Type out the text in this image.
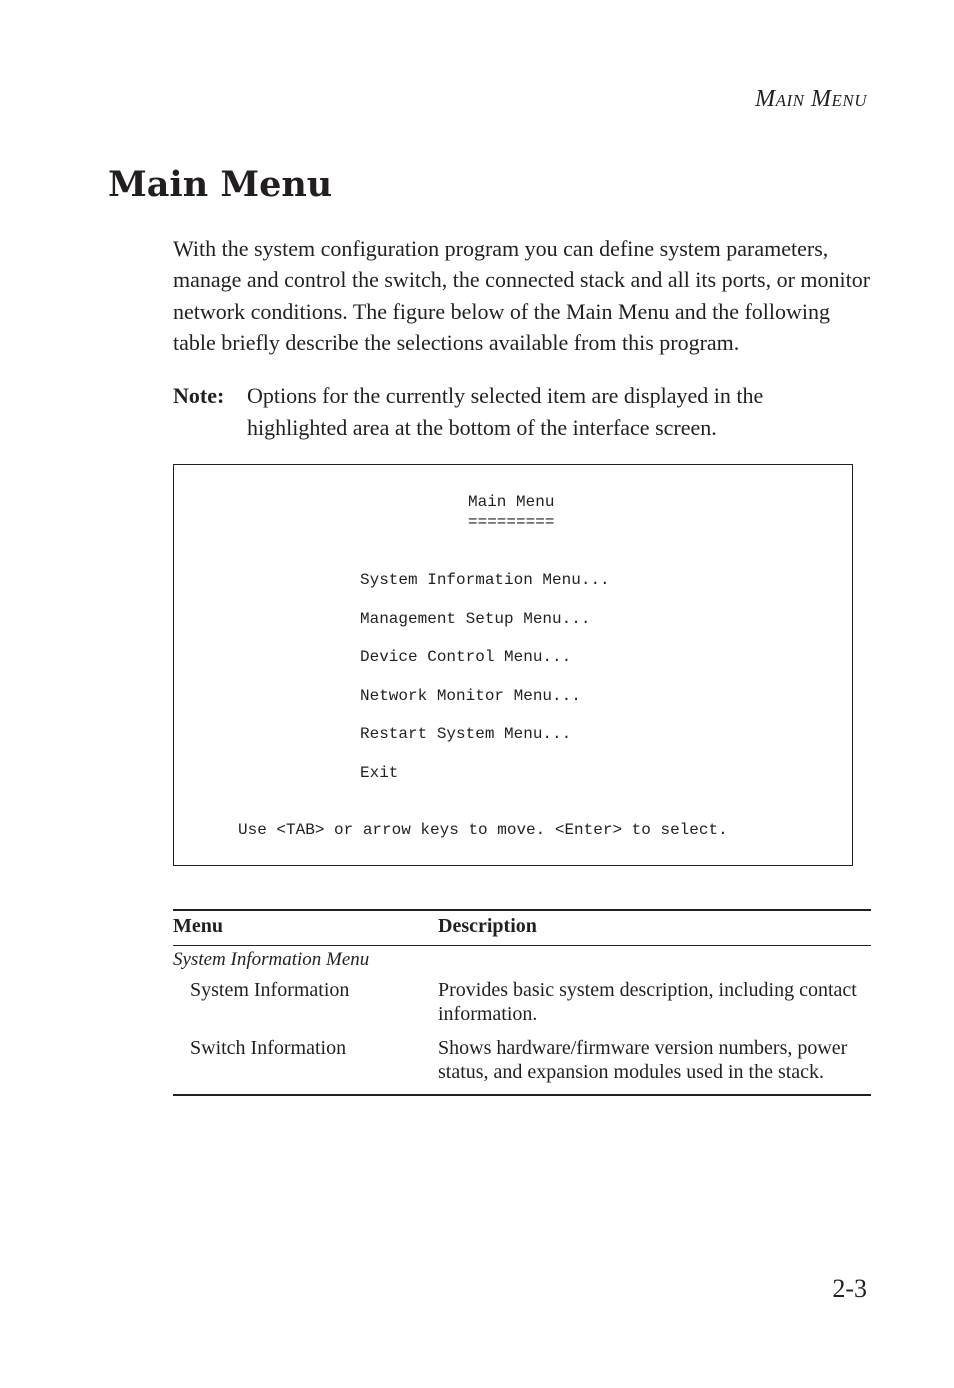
Main Menu
Main Menu

With the system configuration program you can define system parameters, manage and control the switch, the connected stack and all its ports, or monitor network conditions. The figure below of the Main Menu and the following table briefly describe the selections available from this program.

Note: Options for the currently selected item are displayed in the highlighted area at the bottom of the interface screen.
Main Menu
=========
System Information Menu...
Management Setup Menu...
Device Control Menu...
Network Monitor Menu...
Restart System Menu...
Exit
Use <TAB> or arrow keys to move. <Enter> to select.
Menu	Description
System Information Menu
System Information	Provides basic system description, including contact information.
Switch Information	Shows hardware/firmware version numbers, power status, and expansion modules used in the stack.
2-3
